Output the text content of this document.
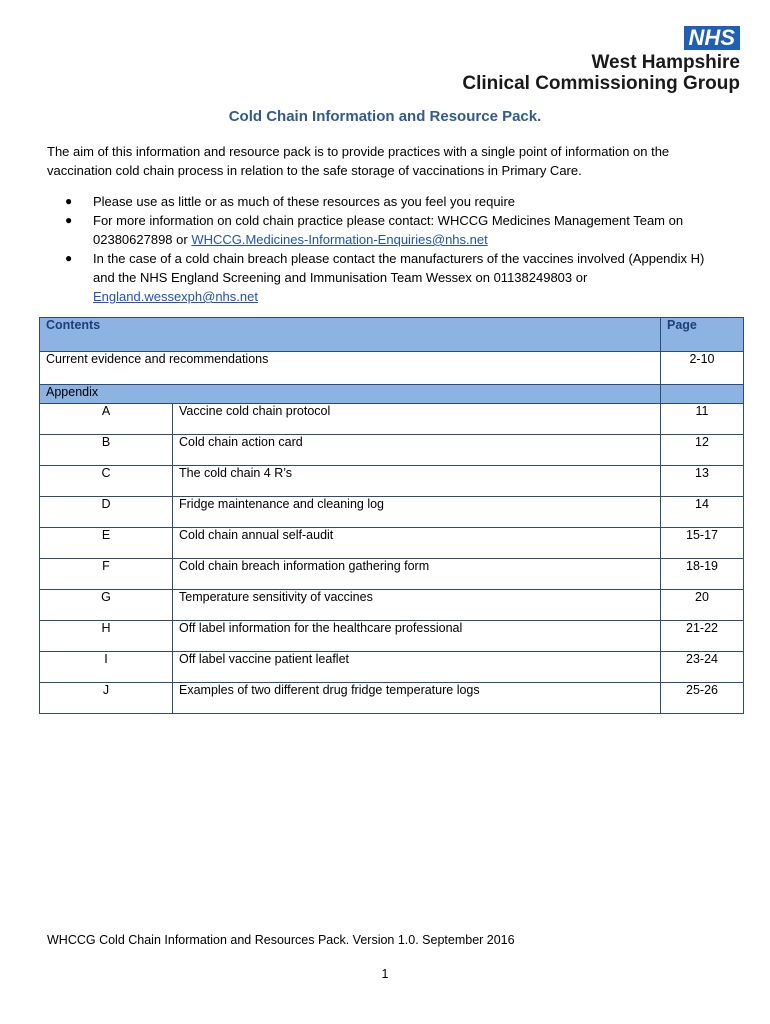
NHS
West Hampshire
Clinical Commissioning Group
Cold Chain Information and Resource Pack.
The aim of this information and resource pack is to provide practices with a single point of information on the vaccination cold chain process in relation to the safe storage of vaccinations in Primary Care.
● Please use as little or as much of these resources as you feel you require
● For more information on cold chain practice please contact: WHCCG Medicines Management Team on 02380627898 or WHCCG.Medicines-Information-Enquiries@nhs.net
● In the case of a cold chain breach please contact the manufacturers of the vaccines involved (Appendix H) and the NHS England Screening and Immunisation Team Wessex on 01138249803 or England.wessexph@nhs.net
Contents		Page
Current evidence and recommendations		2-10
Appendix		
A	Vaccine cold chain protocol	11
B	Cold chain action card	12
C	The cold chain 4 R’s	13
D	Fridge maintenance and cleaning log	14
E	Cold chain annual self-audit	15-17
F	Cold chain breach information gathering form	18-19
G	Temperature sensitivity of vaccines	20
H	Off label information for the healthcare professional	21-22
I	Off label vaccine patient leaflet	23-24
J	Examples of two different drug fridge temperature logs	25-26
WHCCG Cold Chain Information and Resources Pack. Version 1.0. September 2016
1
